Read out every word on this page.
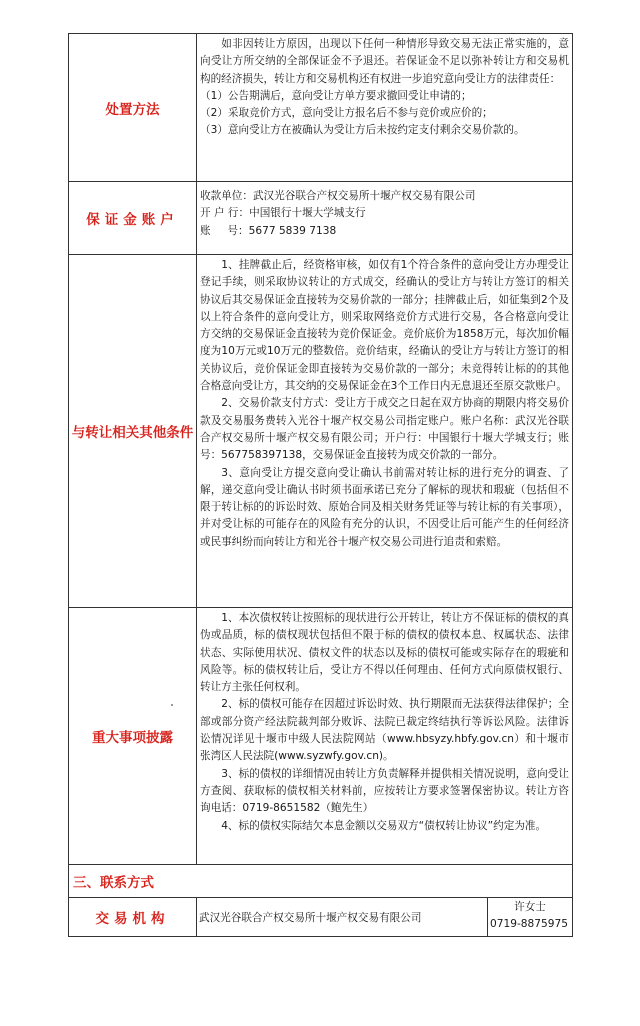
处置方法	如非因转让方原因，出现以下任何一种情形导致交易无法正常实施的，意向受让方所交纳的全部保证金不予退还。若保证金不足以弥补转让方和交易机构的经济损失，转让方和交易机构还有权进一步追究意向受让方的法律责任：

（1）公告期满后，意向受让方单方要求撤回受让申请的；

（2）采取竞价方式，意向受让方报名后不参与竞价或应价的；

（3）意向受让方在被确认为受让方后未按约定支付剩余交易价款的。	

保证金账户	收款单位：武汉光谷联合产权交易所十堰产权交易有限公司

开 户 行：中国银行十堰大学城支行

账     号：5677 5839 7138	

与转让相关其他条件	1、挂牌截止后，经资格审核，如仅有1个符合条件的意向受让方办理受让登记手续，则采取协议转让的方式成交，经确认的受让方与转让方签订的相关协议后其交易保证金直接转为交易价款的一部分；挂牌截止后，如征集到2个及以上符合条件的意向受让方，则采取网络竞价方式进行交易，各合格意向受让方交纳的交易保证金直接转为竞价保证金。竞价底价为1858万元，每次加价幅度为10万元或10万元的整数倍。竞价结束，经确认的受让方与转让方签订的相关协议后，竞价保证金即直接转为交易价款的一部分；未竞得转让标的的其他合格意向受让方，其交纳的交易保证金在3个工作日内无息退还至原交款账户。

2、交易价款支付方式：受让方于成交之日起在双方协商的期限内将交易价款及交易服务费转入光谷十堰产权交易公司指定账户。账户名称：武汉光谷联合产权交易所十堰产权交易有限公司；开户行：中国银行十堰大学城支行；账号：567758397138，交易保证金直接转为成交价款的一部分。

3、意向受让方提交意向受让确认书前需对转让标的进行充分的调查、了解，递交意向受让确认书时须书面承诺已充分了解标的现状和瑕疵（包括但不限于转让标的的诉讼时效、原始合同及相关财务凭证等与转让标的有关事项），并对受让标的可能存在的风险有充分的认识，不因受让后可能产生的任何经济或民事纠纷而向转让方和光谷十堰产权交易公司进行追责和索赔。	

重大事项披露	1、本次债权转让按照标的现状进行公开转让，转让方不保证标的债权的真伪或品质，标的债权现状包括但不限于标的债权的债权本息、权属状态、法律状态、实际使用状况、债权文件的状态以及标的债权可能或实际存在的瑕疵和风险等。标的债权转让后，受让方不得以任何理由、任何方式向原债权银行、转让方主张任何权利。

2、标的债权可能存在因超过诉讼时效、执行期限而无法获得法律保护；全部或部分资产经法院裁判部分败诉、法院已裁定终结执行等诉讼风险。法律诉讼情况详见十堰市中级人民法院网站（www.hbsyzy.hbfy.gov.cn）和十堰市张湾区人民法院(www.syzwfy.gov.cn)。

3、标的债权的详细情况由转让方负责解释并提供相关情况说明，意向受让方查阅、获取标的债权相关材料前，应按转让方要求签署保密协议。转让方咨询电话：0719-8651582（鲍先生）

4、标的债权实际结欠本息金额以交易双方“债权转让协议”约定为准。	

三、联系方式		
交易机构	武汉光谷联合产权交易所十堰产权交易有限公司	许女士
0719-8875975
